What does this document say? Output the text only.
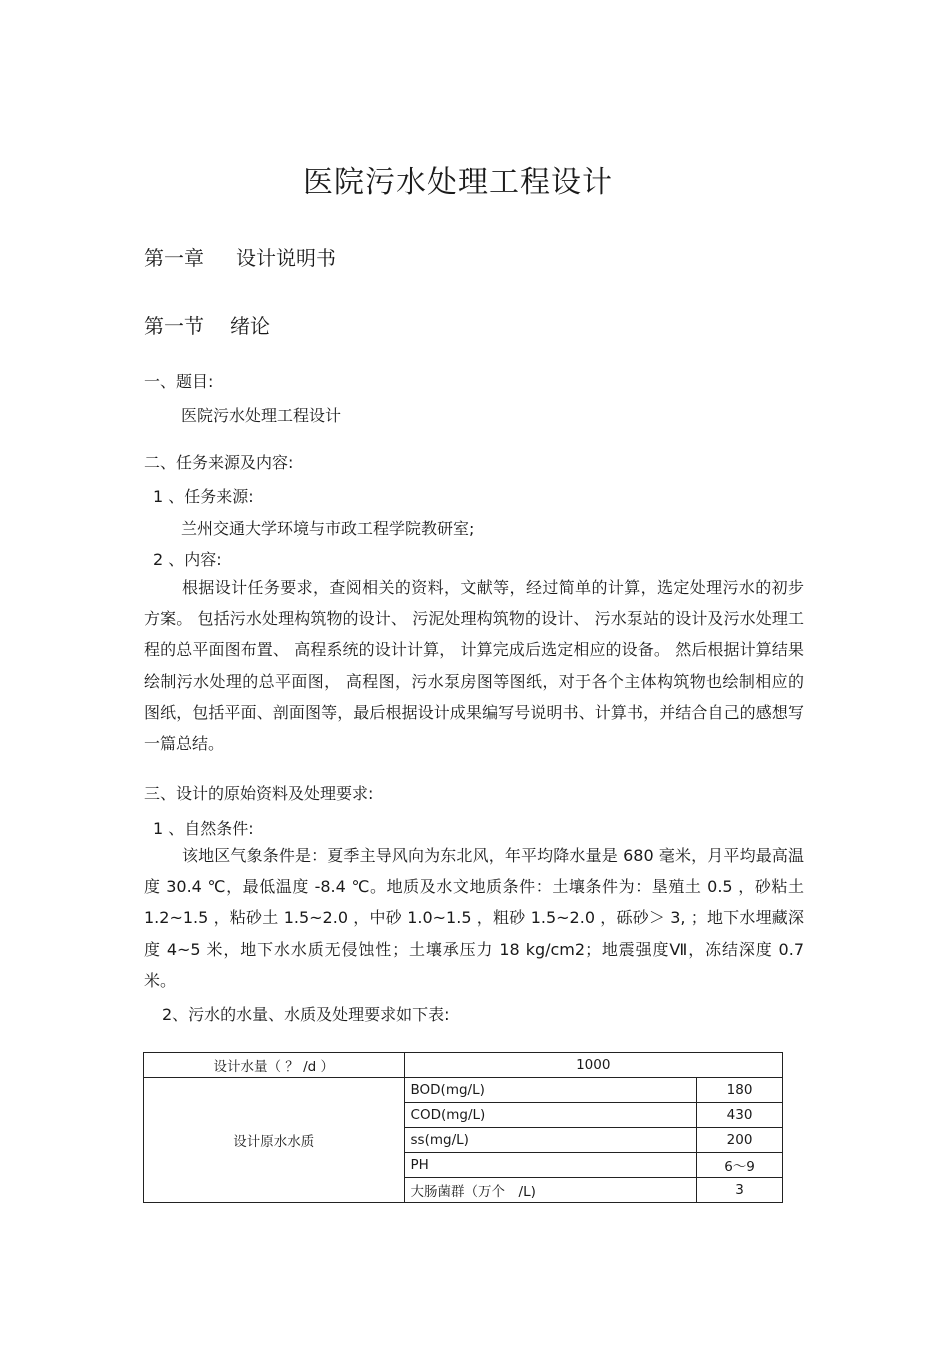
医院污水处理工程设计
第一章 设计说明书
第一节 绪论
一、题目:
医院污水处理工程设计
二、任务来源及内容:
1 、任务来源:
兰州交通大学环境与市政工程学院教研室;
2 、内容:
根据设计任务要求，查阅相关的资料，文献等，经过简单的计算，选定处理污水的初步方案。 包括污水处理构筑物的设计、 污泥处理构筑物的设计、 污水泵站的设计及污水处理工程的总平面图布置、 高程系统的设计计算， 计算完成后选定相应的设备。 然后根据计算结果绘制污水处理的总平面图， 高程图，污水泵房图等图纸，对于各个主体构筑物也绘制相应的图纸，包括平面、剖面图等，最后根据设计成果编写号说明书、计算书，并结合自己的感想写一篇总结。
三、设计的原始资料及处理要求:
1 、自然条件:
该地区气象条件是：夏季主导风向为东北风，年平均降水量是 680 毫米，月平均最高温度 30.4 ℃，最低温度 -8.4 ℃。地质及水文地质条件：土壤条件为：垦殖土 0.5 ，砂粘土 1.2~1.5 ，粘砂土 1.5~2.0 ，中砂 1.0~1.5 ，粗砂 1.5~2.0 ，砾砂＞ 3, ；地下水埋藏深度 4~5 米，地下水水质无侵蚀性；土壤承压力 18 kg/cm2；地震强度Ⅶ，冻结深度 0.7 米。
2、污水的水量、水质及处理要求如下表:
设计水量（ ？ /d ）	1000	
设计原水水质	BOD(mg/L)	180
	COD(mg/L)	430
	ss(mg/L)	200
	PH	6～9
	大肠菌群（万个　/L)	3
